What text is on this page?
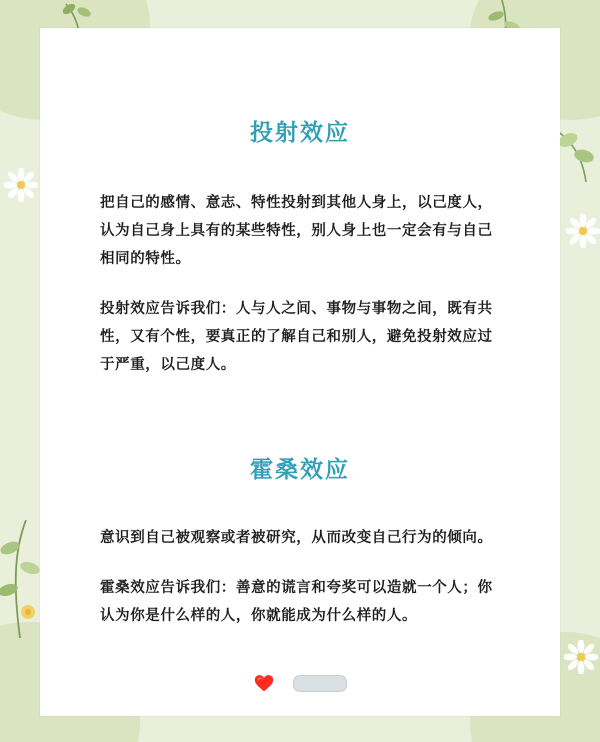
投射效应

把自己的感情、意志、特性投射到其他人身上，以己度人，认为自己身上具有的某些特性，别人身上也一定会有与自己相同的特性。

投射效应告诉我们：人与人之间、事物与事物之间，既有共性，又有个性，要真正的了解自己和别人，避免投射效应过于严重，以己度人。

霍桑效应

意识到自己被观察或者被研究，从而改变自己行为的倾向。

霍桑效应告诉我们：善意的谎言和夸奖可以造就一个人；你认为你是什么样的人，你就能成为什么样的人。
